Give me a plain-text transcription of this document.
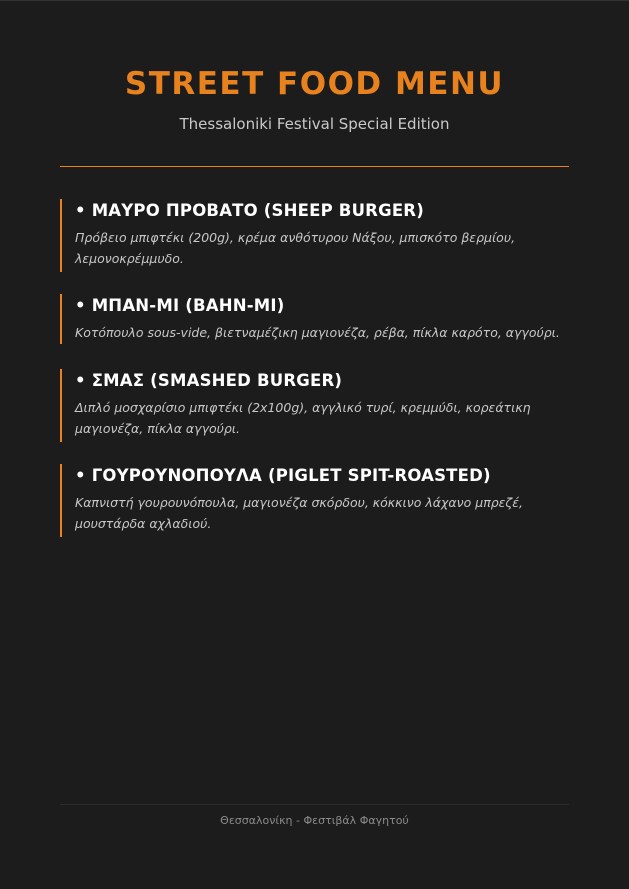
STREET FOOD MENU
Thessaloniki Festival Special Edition
• ΜΑΥΡΟ ΠΡΟΒΑΤΟ (SHEEP BURGER)
Πρόβειο μπιφτέκι (200g), κρέμα ανθότυρου Νάξου, μπισκότο βερμίου, λεμονοκρέμμυδο.
• ΜΠΑΝ-ΜΙ (BAHN-MI)
Κοτόπουλο sous-vide, βιετναμέζικη μαγιονέζα, ρέβα, πίκλα καρότο, αγγούρι.
• ΣΜΑΣ (SMASHED BURGER)
Διπλό μοσχαρίσιο μπιφτέκι (2x100g), αγγλικό τυρί, κρεμμύδι, κορεάτικη μαγιονέζα, πίκλα αγγούρι.
• ΓΟΥΡΟΥΝΟΠΟΥΛΑ (PIGLET SPIT-ROASTED)
Καπνιστή γουρουνόπουλα, μαγιονέζα σκόρδου, κόκκινο λάχανο μπρεζέ, μουστάρδα αχλαδιού.
Θεσσαλονίκη - Φεστιβάλ Φαγητού
